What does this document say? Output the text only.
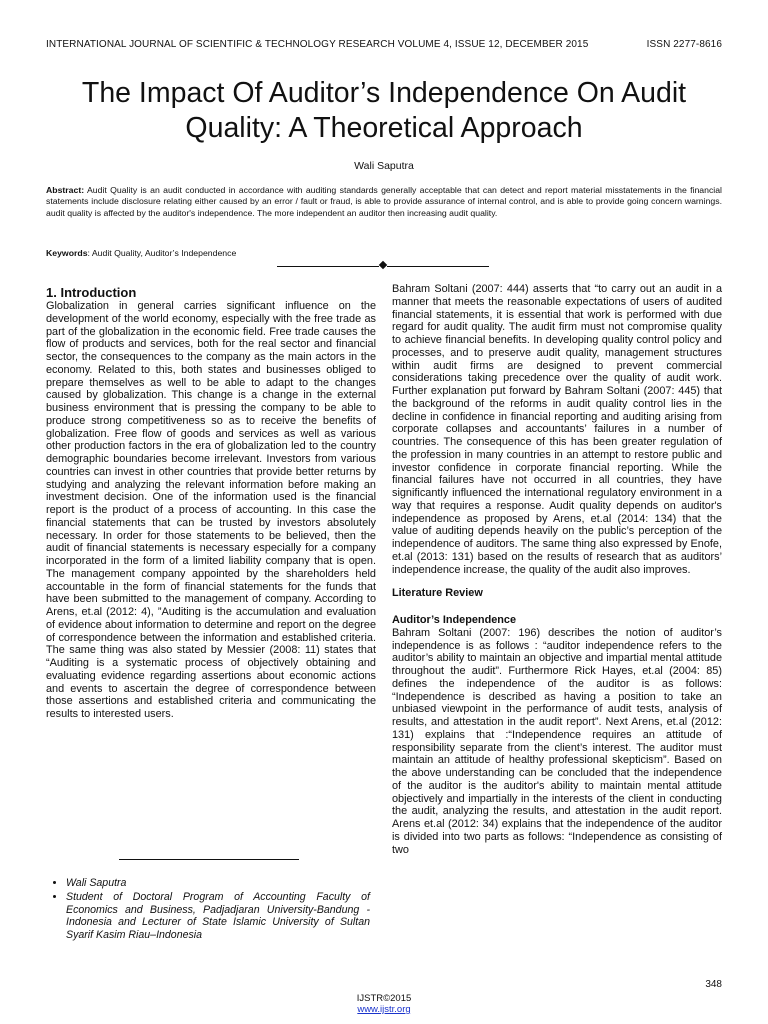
INTERNATIONAL JOURNAL OF SCIENTIFIC & TECHNOLOGY RESEARCH VOLUME 4, ISSUE 12, DECEMBER 2015	ISSN 2277-8616
The Impact Of Auditor’s Independence On Audit Quality: A Theoretical Approach
Wali Saputra
Abstract: Audit Quality is an audit conducted in accordance with auditing standards generally acceptable that can detect and report material misstatements in the financial statements include disclosure relating either caused by an error / fault or fraud, is able to provide assurance of internal control, and is able to provide going concern warnings. audit quality is affected by the auditor's independence. The more independent an auditor then increasing audit quality.
Keywords: Audit Quality, Auditor’s Independence
1. Introduction

Globalization in general carries significant influence on the development of the world economy, especially with the free trade as part of the globalization in the economic field. Free trade causes the flow of products and services, both for the real sector and financial sector, the consequences to the company as the main actors in the economy. Related to this, both states and businesses obliged to prepare themselves as well to be able to adapt to the changes caused by globalization. This change is a change in the external business environment that is pressing the company to be able to produce strong competitiveness so as to receive the benefits of globalization. Free flow of goods and services as well as various other production factors in the era of globalization led to the country demographic boundaries become irrelevant. Investors from various countries can invest in other countries that provide better returns by studying and analyzing the relevant information before making an investment decision. One of the information used is the financial report is the product of a process of accounting. In this case the financial statements that can be trusted by investors absolutely necessary. In order for those statements to be believed, then the audit of financial statements is necessary especially for a company incorporated in the form of a limited liability company that is open. The management company appointed by the shareholders held accountable in the form of financial statements for the funds that have been submitted to the management of company. According to Arens, et.al (2012: 4), ”Auditing is the accumulation and evaluation of evidence about information to determine and report on the degree of correspondence between the information and established criteria. The same thing was also stated by Messier (2008: 11) states that “Auditing is a systematic process of objectively obtaining and evaluating evidence regarding assertions about economic actions and events to ascertain the degree of correspondence between those assertions and established criteria and communicating the results to interested users.

Bahram Soltani (2007: 444) asserts that “to carry out an audit in a manner that meets the reasonable expectations of users of audited financial statements, it is essential that work is performed with due regard for audit quality. The audit firm must not compromise quality to achieve financial benefits. In developing quality control policy and processes, and to preserve audit quality, management structures within audit firms are designed to prevent commercial considerations taking precedence over the quality of audit work. Further explanation put forward by Bahram Soltani (2007: 445) that the background of the reforms in audit quality control lies in the decline in confidence in financial reporting and auditing arising from corporate collapses and accountants’ failures in a number of countries. The consequence of this has been greater regulation of the profession in many countries in an attempt to restore public and investor confidence in corporate financial reporting. While the financial failures have not occurred in all countries, they have significantly influenced the international regulatory environment in a way that requires a response. Audit quality depends on auditor's independence as proposed by Arens, et.al (2014: 134) that the value of auditing depends heavily on the public’s perception of the independence of auditors. The same thing also expressed by Enofe, et.al (2013: 131) based on the results of research that as auditors’ independence increase, the quality of the audit also improves.

Literature Review

Auditor’s Independence

Bahram Soltani (2007: 196) describes the notion of auditor’s independence is as follows : “auditor independence refers to the auditor’s ability to maintain an objective and impartial mental attitude throughout the audit”. Furthermore Rick Hayes, et.al (2004: 85) defines the independence of the auditor is as follows: “Independence is described as having a position to take an unbiased viewpoint in the performance of audit tests, analysis of results, and attestation in the audit report”. Next Arens, et.al (2012: 131) explains that :“Independence requires an attitude of responsibility separate from the client’s interest. The auditor must maintain an attitude of healthy professional skepticism”. Based on the above understanding can be concluded that the independence of the auditor is the auditor's ability to maintain mental attitude objectively and impartially in the interests of the client in conducting the audit, analyzing the results, and attestation in the audit report. Arens et.al (2012: 34) explains that the independence of the auditor is divided into two parts as follows: “Independence as consisting of two

• Wali Saputra
• Student of Doctoral Program of Accounting Faculty of Economics and Business, Padjadjaran University-Bandung - Indonesia and Lecturer of State Islamic University of Sultan Syarif Kasim Riau–Indonesia
348
IJSTR©2015
www.ijstr.org
